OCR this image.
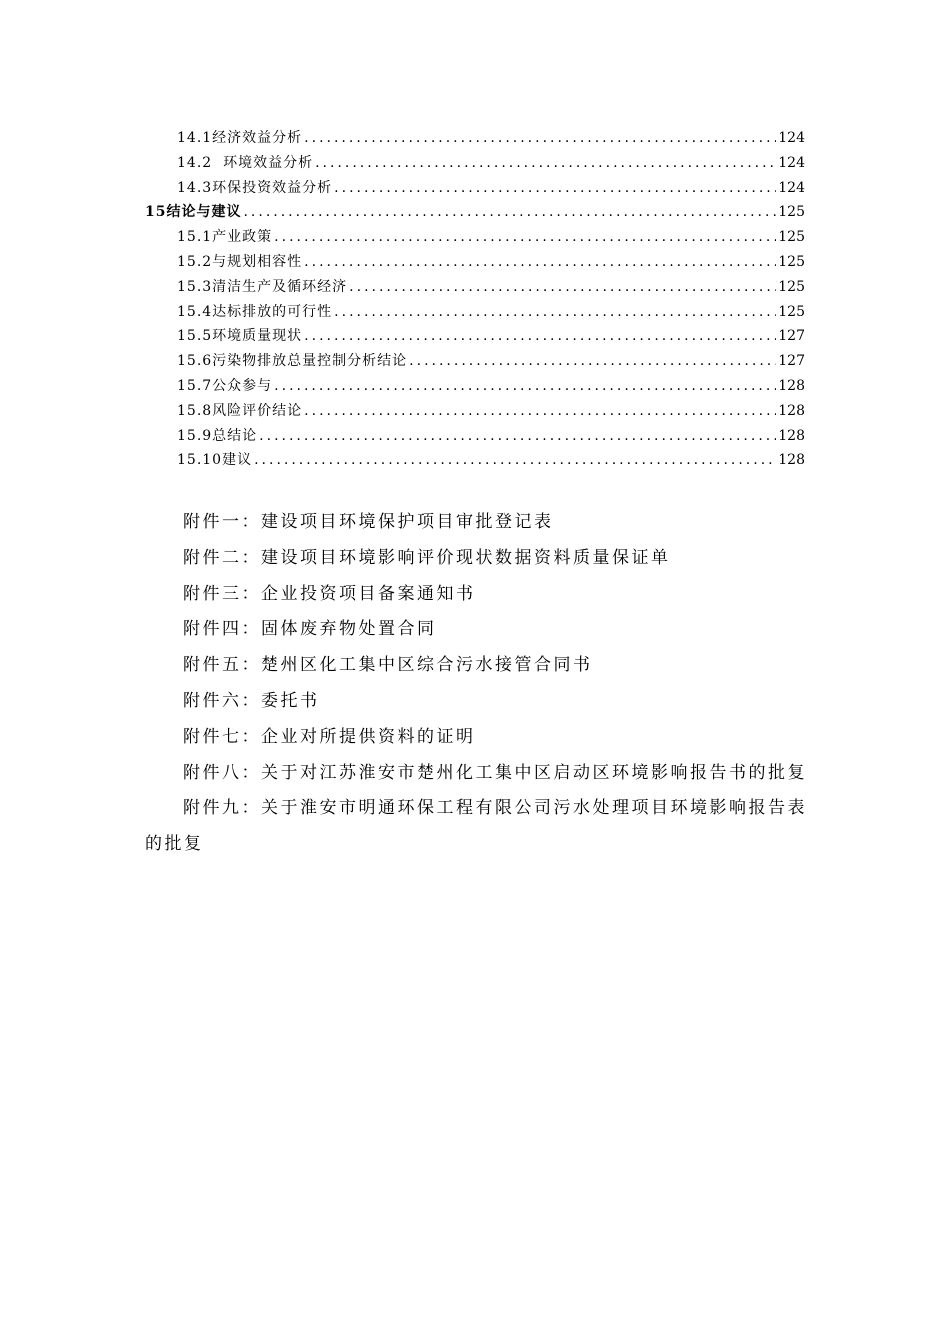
14.1经济效益分析 .....	124
14.2  环境效益分析 .....	124
14.3环保投资效益分析 .....	124
15结论与建议 .....	125
15.1产业政策 .....	125
15.2与规划相容性 .....	125
15.3清洁生产及循环经济 .....	125
15.4达标排放的可行性 .....	125
15.5环境质量现状 .....	127
15.6污染物排放总量控制分析结论 .....	127
15.7公众参与 .....	128
15.8风险评价结论 .....	128
15.9总结论 .....	128
15.10建议 .....	128

附件一：建设项目环境保护项目审批登记表

附件二：建设项目环境影响评价现状数据资料质量保证单

附件三：企业投资项目备案通知书

附件四：固体废弃物处置合同

附件五：楚州区化工集中区综合污水接管合同书

附件六：委托书

附件七：企业对所提供资料的证明

附件八：关于对江苏淮安市楚州化工集中区启动区环境影响报告书的批复

附件九：关于淮安市明通环保工程有限公司污水处理项目环境影响报告表的批复
